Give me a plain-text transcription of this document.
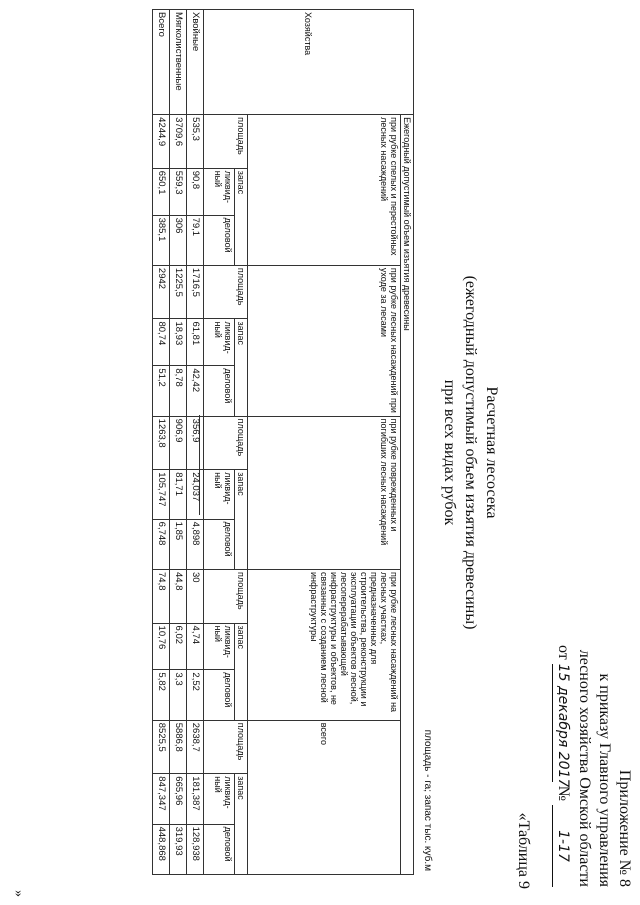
Приложение № 8
к приказу Главного управления
лесного хозяйства Омской области
от 15 декабря 2017 № 1-17
«Таблица 9
Расчетная лесосека
(ежегодный допустимый объем изъятия древесины)
при всех видах рубок
площадь - га; запас тыс. куб.м
Хозяйства	Ежегодный допустимый объем изъятия древесины														
	при рубке спелых и перестойных лесных насаждений			при рубке лесных насаждений при уходе за лесами			при рубке поврежденных и погибших лесных насаждений			при рубке лесных насаждений на лесных участках, предназначенных для строительства, реконструкции и эксплуатации объектов лесной, лесоперерабатывающей инфраструктуры и объектов, не связанных с созданием лесной инфраструктуры			всего		
	площадь	запас		площадь	запас		площадь	запас		площадь	запас		площадь	запас	
		ликвид-ный	деловой		ликвид-ный	деловой		ликвид-ный	деловой		ликвид-ный	деловой		ликвид-ный	деловой
Хвойные	535,3	90,8	79,1	1716,5	61,81	42,42	356,9	24,037	4,898	30	4,74	2,52	2638,7	181,387	128,938
Мягколиственные	3709,6	559,3	306	1225,5	18,93	8,78	906,9	81,71	1,85	44,8	6,02	3,3	5886,8	665,96	319,93
Всего	4244,9	650,1	385,1	2942	80,74	51,2	1263,8	105,747	6,748	74,8	10,76	5,82	8525,5	847,347	448,868
»
